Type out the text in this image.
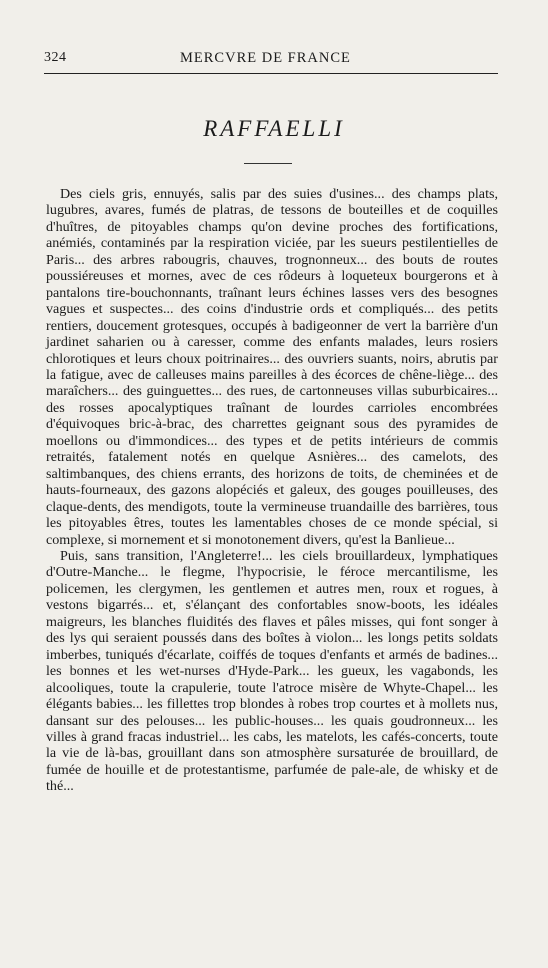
324	MERCVRE DE FRANCE
RAFFAELLI

Des ciels gris, ennuyés, salis par des suies d'usines... des champs plats, lugubres, avares, fumés de platras, de tessons de bouteilles et de coquilles d'huîtres, de pitoyables champs qu'on devine proches des fortifications, anémiés, contaminés par la respiration viciée, par les sueurs pestilentielles de Paris... des arbres rabougris, chauves, trognonneux... des bouts de routes poussiéreuses et mornes, avec de ces rôdeurs à loqueteux bourgerons et à pantalons tire-bouchonnants, traînant leurs échines lasses vers des besognes vagues et suspectes... des coins d'industrie ords et compliqués... des petits rentiers, doucement grotesques, occupés à badigeonner de vert la barrière d'un jardinet saharien ou à caresser, comme des enfants malades, leurs rosiers chlorotiques et leurs choux poitrinaires... des ouvriers suants, noirs, abrutis par la fatigue, avec de calleuses mains pareilles à des écorces de chêne-liège... des maraîchers... des guinguettes... des rues, de cartonneuses villas suburbicaires... des rosses apocalyptiques traînant de lourdes carrioles encombrées d'équivoques bric-à-brac, des charrettes geignant sous des pyramides de moellons ou d'immondices... des types et de petits intérieurs de commis retraités, fatalement notés en quelque Asnières... des camelots, des saltimbanques, des chiens errants, des horizons de toits, de cheminées et de hauts-fourneaux, des gazons alopéciés et galeux, des gouges pouilleuses, des claque-dents, des mendigots, toute la vermineuse truandaille des barrières, tous les pitoyables êtres, toutes les lamentables choses de ce monde spécial, si complexe, si mornement et si monotonement divers, qu'est la Banlieue...

Puis, sans transition, l'Angleterre!... les ciels brouillardeux, lymphatiques d'Outre-Manche... le flegme, l'hypocrisie, le féroce mercantilisme, les policemen, les clergymen, les gentlemen et autres men, roux et rogues, à vestons bigarrés... et, s'élançant des confortables snow-boots, les idéales maigreurs, les blanches fluidités des flaves et pâles misses, qui font songer à des lys qui seraient poussés dans des boîtes à violon... les longs petits soldats imberbes, tuniqués d'écarlate, coiffés de toques d'enfants et armés de badines... les bonnes et les wet-nurses d'Hyde-Park... les gueux, les vagabonds, les alcooliques, toute la crapulerie, toute l'atroce misère de Whyte-Chapel... les élégants babies... les fillettes trop blondes à robes trop courtes et à mollets nus, dansant sur des pelouses... les public-houses... les quais goudronneux... les villes à grand fracas industriel... les cabs, les matelots, les cafés-concerts, toute la vie de là-bas, grouillant dans son atmosphère sursaturée de brouillard, de fumée de houille et de protestantisme, parfumée de pale-ale, de whisky et de thé...
